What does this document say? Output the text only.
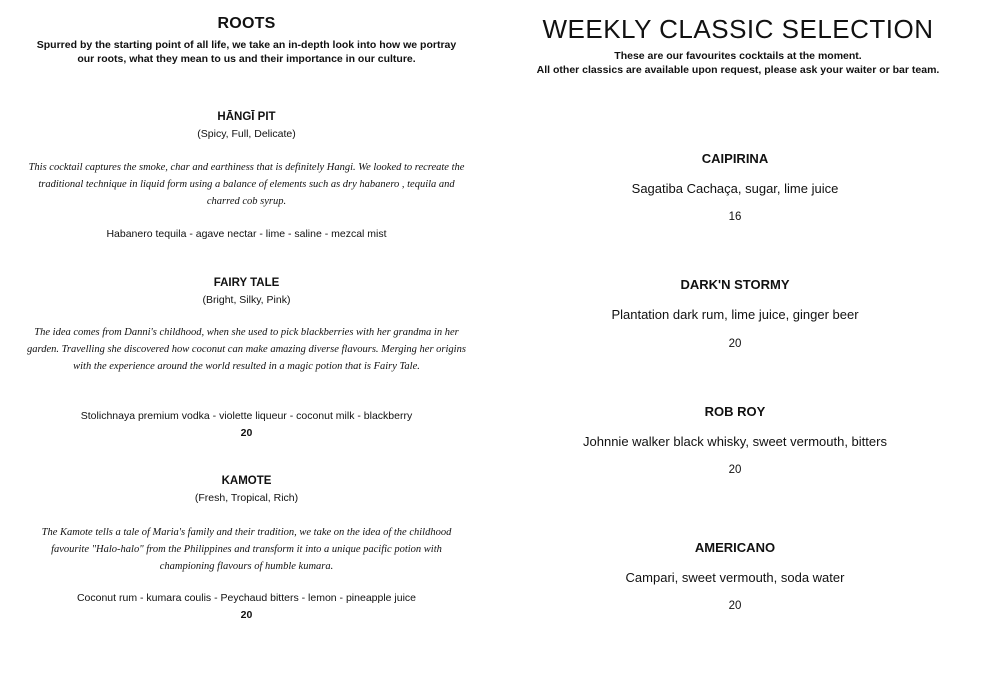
ROOTS
Spurred by the starting point of all life, we take an in-depth look into how we portray our roots, what they mean to us and their importance in our culture.
HĀNGĪ PIT
(Spicy, Full, Delicate)
This cocktail captures the smoke, char and earthiness that is definitely Hangi. We looked to recreate the traditional technique in liquid form using a balance of elements such as dry habanero , tequila and charred cob syrup.
Habanero tequila - agave nectar - lime - saline - mezcal mist
FAIRY TALE
(Bright, Silky, Pink)
The idea comes from Danni's childhood, when she used to pick blackberries with her grandma in her garden. Travelling she discovered how coconut can make amazing diverse flavours. Merging her origins with the experience around the world resulted in a magic potion that is Fairy Tale.
Stolichnaya premium vodka - violette liqueur - coconut milk - blackberry
20
KAMOTE
(Fresh, Tropical, Rich)
The Kamote tells a tale of Maria's family and their tradition, we take on the idea of the childhood favourite "Halo-halo" from the Philippines and transform it into a unique pacific potion with championing flavours of humble kumara.
Coconut rum - kumara coulis - Peychaud bitters - lemon - pineapple juice
20
WEEKLY CLASSIC SELECTION
These are our favourites cocktails at the moment.
All other classics are available upon request, please ask your waiter or bar team.
CAIPIRINA
Sagatiba Cachaça, sugar, lime juice
16
DARK'N STORMY
Plantation dark rum, lime juice, ginger beer
20
ROB ROY
Johnnie walker black whisky, sweet vermouth, bitters
20
AMERICANO
Campari, sweet vermouth, soda water
20
